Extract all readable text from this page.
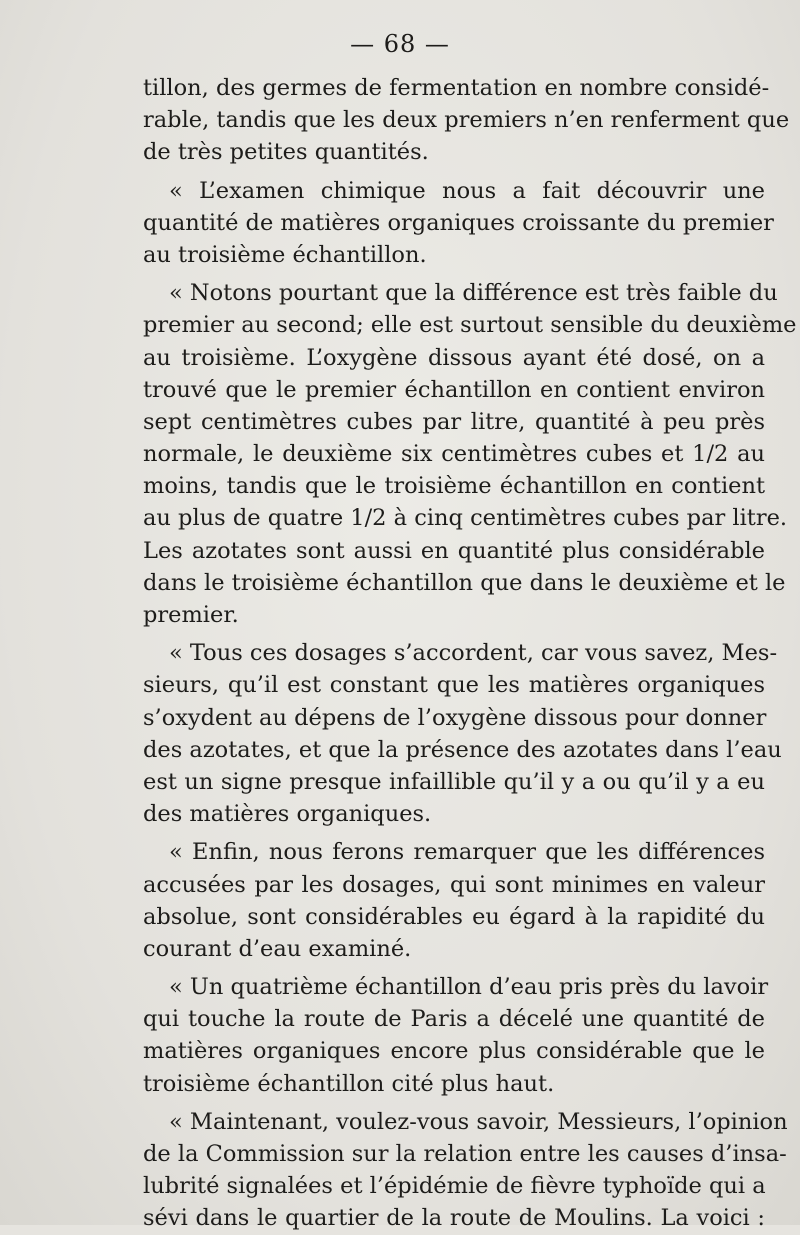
— 68 —
tillon, des germes de fermentation en nombre considé-
rable, tandis que les deux premiers n’en renferment que
de très petites quantités.
« L’examen chimique nous a fait découvrir une
quantité de matières organiques croissante du premier
au troisième échantillon.
« Notons pourtant que la différence est très faible du
premier au second; elle est surtout sensible du deuxième
au troisième. L’oxygène dissous ayant été dosé, on a
trouvé que le premier échantillon en contient environ
sept centimètres cubes par litre, quantité à peu près
normale, le deuxième six centimètres cubes et 1/2 au
moins, tandis que le troisième échantillon en contient
au plus de quatre 1/2 à cinq centimètres cubes par litre.
Les azotates sont aussi en quantité plus considérable
dans le troisième échantillon que dans le deuxième et le
premier.
« Tous ces dosages s’accordent, car vous savez, Mes-
sieurs, qu’il est constant que les matières organiques
s’oxydent au dépens de l’oxygène dissous pour donner
des azotates, et que la présence des azotates dans l’eau
est un signe presque infaillible qu’il y a ou qu’il y a eu
des matières organiques.
« Enfin, nous ferons remarquer que les différences
accusées par les dosages, qui sont minimes en valeur
absolue, sont considérables eu égard à la rapidité du
courant d’eau examiné.
« Un quatrième échantillon d’eau pris près du lavoir
qui touche la route de Paris a décelé une quantité de
matières organiques encore plus considérable que le
troisième échantillon cité plus haut.
« Maintenant, voulez-vous savoir, Messieurs, l’opinion
de la Commission sur la relation entre les causes d’insa-
lubrité signalées et l’épidémie de fièvre typhoïde qui a
sévi dans le quartier de la route de Moulins. La voici :
